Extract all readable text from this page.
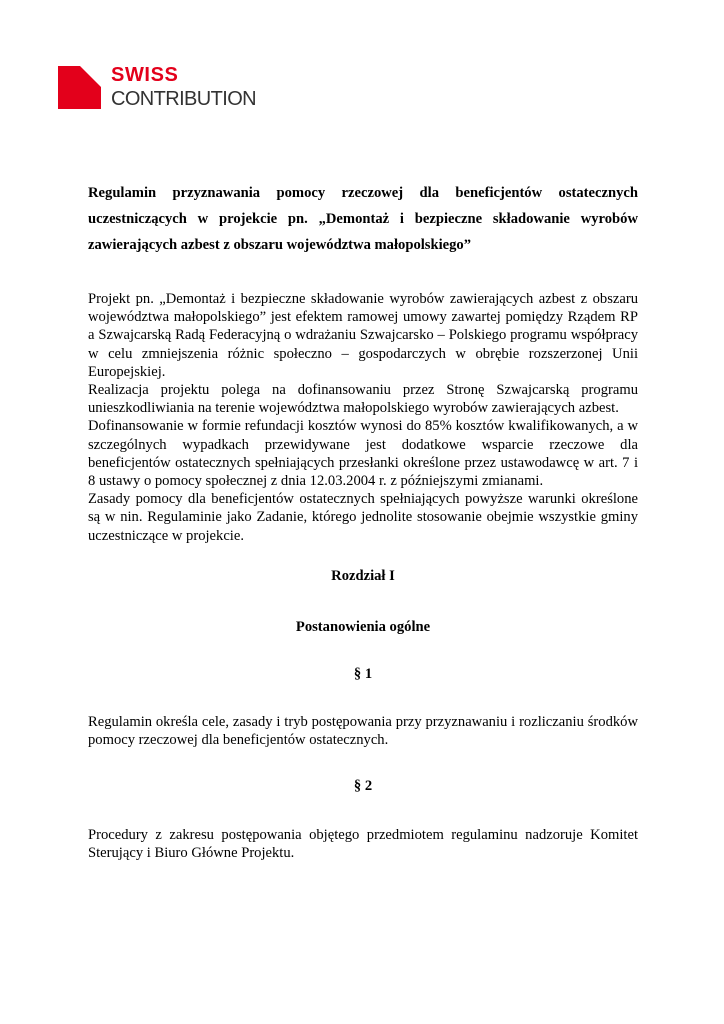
SWISS
CONTRIBUTION
Regulamin przyznawania pomocy rzeczowej dla beneficjentów ostatecznych uczestniczących w projekcie pn. „Demontaż i bezpieczne składowanie wyrobów zawierających azbest z obszaru województwa małopolskiego”

Projekt pn. „Demontaż i bezpieczne składowanie wyrobów zawierających azbest z obszaru województwa małopolskiego” jest efektem ramowej umowy zawartej pomiędzy Rządem RP a Szwajcarską Radą Federacyjną o wdrażaniu Szwajcarsko – Polskiego programu współpracy w celu zmniejszenia różnic społeczno – gospodarczych w obrębie rozszerzonej Unii Europejskiej.

Realizacja projektu polega na dofinansowaniu przez Stronę Szwajcarską programu unieszkodliwiania na terenie województwa małopolskiego wyrobów zawierających azbest.

Dofinansowanie w formie refundacji kosztów wynosi do 85% kosztów kwalifikowanych, a w szczególnych wypadkach przewidywane jest dodatkowe wsparcie rzeczowe dla beneficjentów ostatecznych spełniających przesłanki określone przez ustawodawcę w art. 7 i 8 ustawy o pomocy społecznej z dnia 12.03.2004 r. z późniejszymi zmianami.

Zasady pomocy dla beneficjentów ostatecznych spełniających powyższe warunki określone są w nin. Regulaminie jako Zadanie, którego jednolite stosowanie obejmie wszystkie gminy uczestniczące w projekcie.

Rozdział I
Postanowienia ogólne
§ 1

Regulamin określa cele, zasady i tryb postępowania przy przyznawaniu i rozliczaniu środków pomocy rzeczowej dla beneficjentów ostatecznych.

§ 2

Procedury z zakresu postępowania objętego przedmiotem regulaminu nadzoruje Komitet Sterujący i Biuro Główne Projektu.
